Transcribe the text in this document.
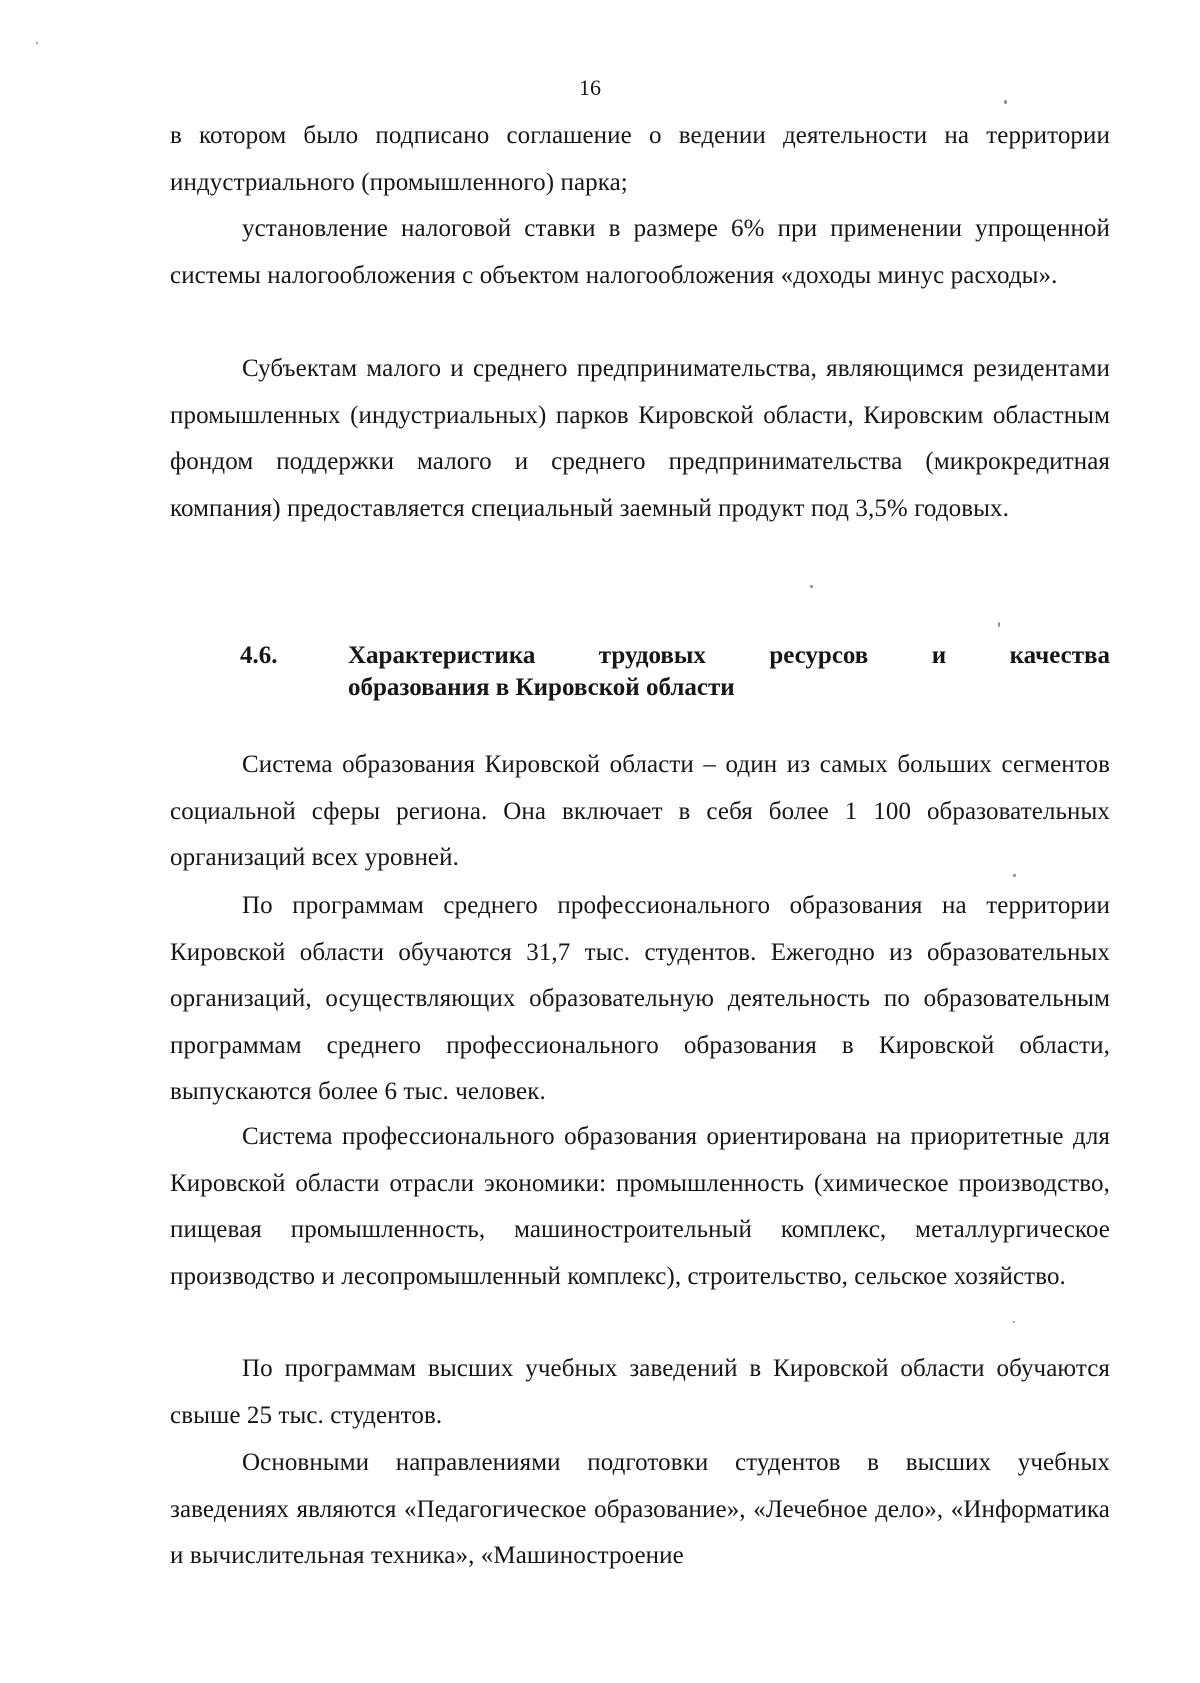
16

в котором было подписано соглашение о ведении деятельности на территории индустриального (промышленного) парка;

установление налоговой ставки в размере 6% при применении упрощенной системы налогообложения с объектом налогообложения «доходы минус расходы».

Субъектам малого и среднего предпринимательства, являющимся резидентами промышленных (индустриальных) парков Кировской области, Кировским областным фондом поддержки малого и среднего предпринимательства (микрокредитная компания) предоставляется специальный заемный продукт под 3,5% годовых.

4.6.	Характеристика трудовых ресурсов и качества
образования в Кировской области

Система образования Кировской области – один из самых больших сегментов социальной сферы региона. Она включает в себя более 1 100 образовательных организаций всех уровней.

По программам среднего профессионального образования на территории Кировской области обучаются 31,7 тыс. студентов. Ежегодно из образовательных организаций, осуществляющих образовательную деятельность по образовательным программам среднего профессионального образования в Кировской области, выпускаются более 6 тыс. человек.

Система профессионального образования ориентирована на приоритетные для Кировской области отрасли экономики: промышленность (химическое производство, пищевая промышленность, машиностроительный комплекс, металлургическое производство и лесопромышленный комплекс), строительство, сельское хозяйство.

По программам высших учебных заведений в Кировской области обучаются свыше 25 тыс. студентов.

Основными направлениями подготовки студентов в высших учебных заведениях являются «Педагогическое образование», «Лечебное дело», «Информатика и вычислительная техника», «Машиностроение
